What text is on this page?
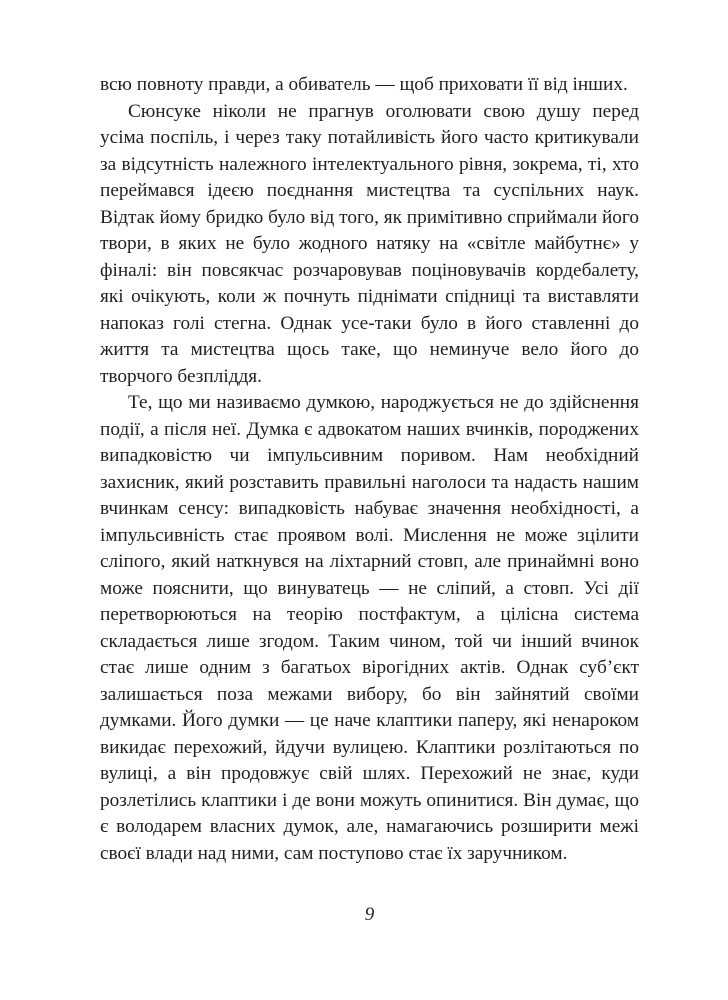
всю повноту правди, а обиватель — щоб приховати її від інших.

Сюнсуке ніколи не прагнув оголювати свою душу перед усіма поспіль, і через таку потайливість його часто критикували за відсутність належного інтелектуального рівня, зокрема, ті, хто переймався ідеєю поєднання мистецтва та суспільних наук. Відтак йому бридко було від того, як примітивно сприймали його твори, в яких не було жодного натяку на «світле майбутнє» у фіналі: він повсякчас розчаровував поціновувачів кордебалету, які очікують, коли ж почнуть піднімати спідниці та виставляти напоказ голі стегна. Однак усе-таки було в його ставленні до життя та мистецтва щось таке, що неминуче вело його до творчого безпліддя.

Те, що ми називаємо думкою, народжується не до здійснення події, а після неї. Думка є адвокатом наших вчинків, породжених випадковістю чи імпульсивним поривом. Нам необхідний захисник, який розставить правильні наголоси та надасть нашим вчинкам сенсу: випадковість набуває значення необхідності, а імпульсивність стає проявом волі. Мислення не може зцілити сліпого, який наткнувся на ліхтарний стовп, але принаймні воно може пояснити, що винуватець — не сліпий, а стовп. Усі дії перетворюються на теорію постфактум, а цілісна система складається лише згодом. Таким чином, той чи інший вчинок стає лише одним з багатьох вірогідних актів. Однак суб’єкт залишається поза межами вибору, бо він зайнятий своїми думками. Його думки — це наче клаптики паперу, які ненароком викидає перехожий, йдучи вулицею. Клаптики розлітаються по вулиці, а він продовжує свій шлях. Перехожий не знає, куди розлетілись клаптики і де вони можуть опинитися. Він думає, що є володарем власних думок, але, намагаючись розширити межі своєї влади над ними, сам поступово стає їх заручником.

9
